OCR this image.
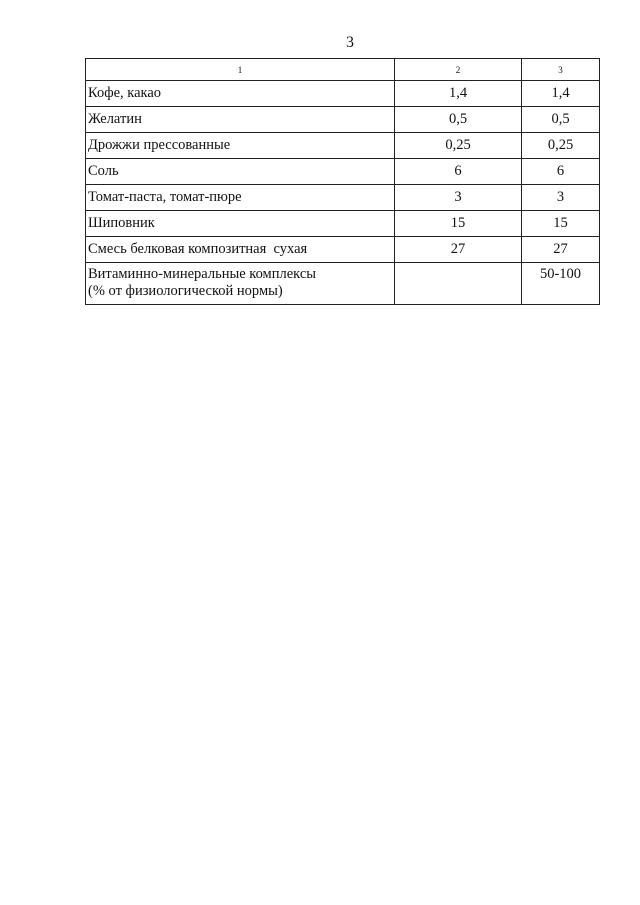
3
1	2	3
Кофе, какао	1,4	1,4
Желатин	0,5	0,5
Дрожжи прессованные	0,25	0,25
Соль	6	6
Томат-паста, томат-пюре	3	3
Шиповник	15	15
Смесь белковая композитная  сухая	27	27

Витаминно-минеральные комплексы
(% от физиологической нормы)		50-100
